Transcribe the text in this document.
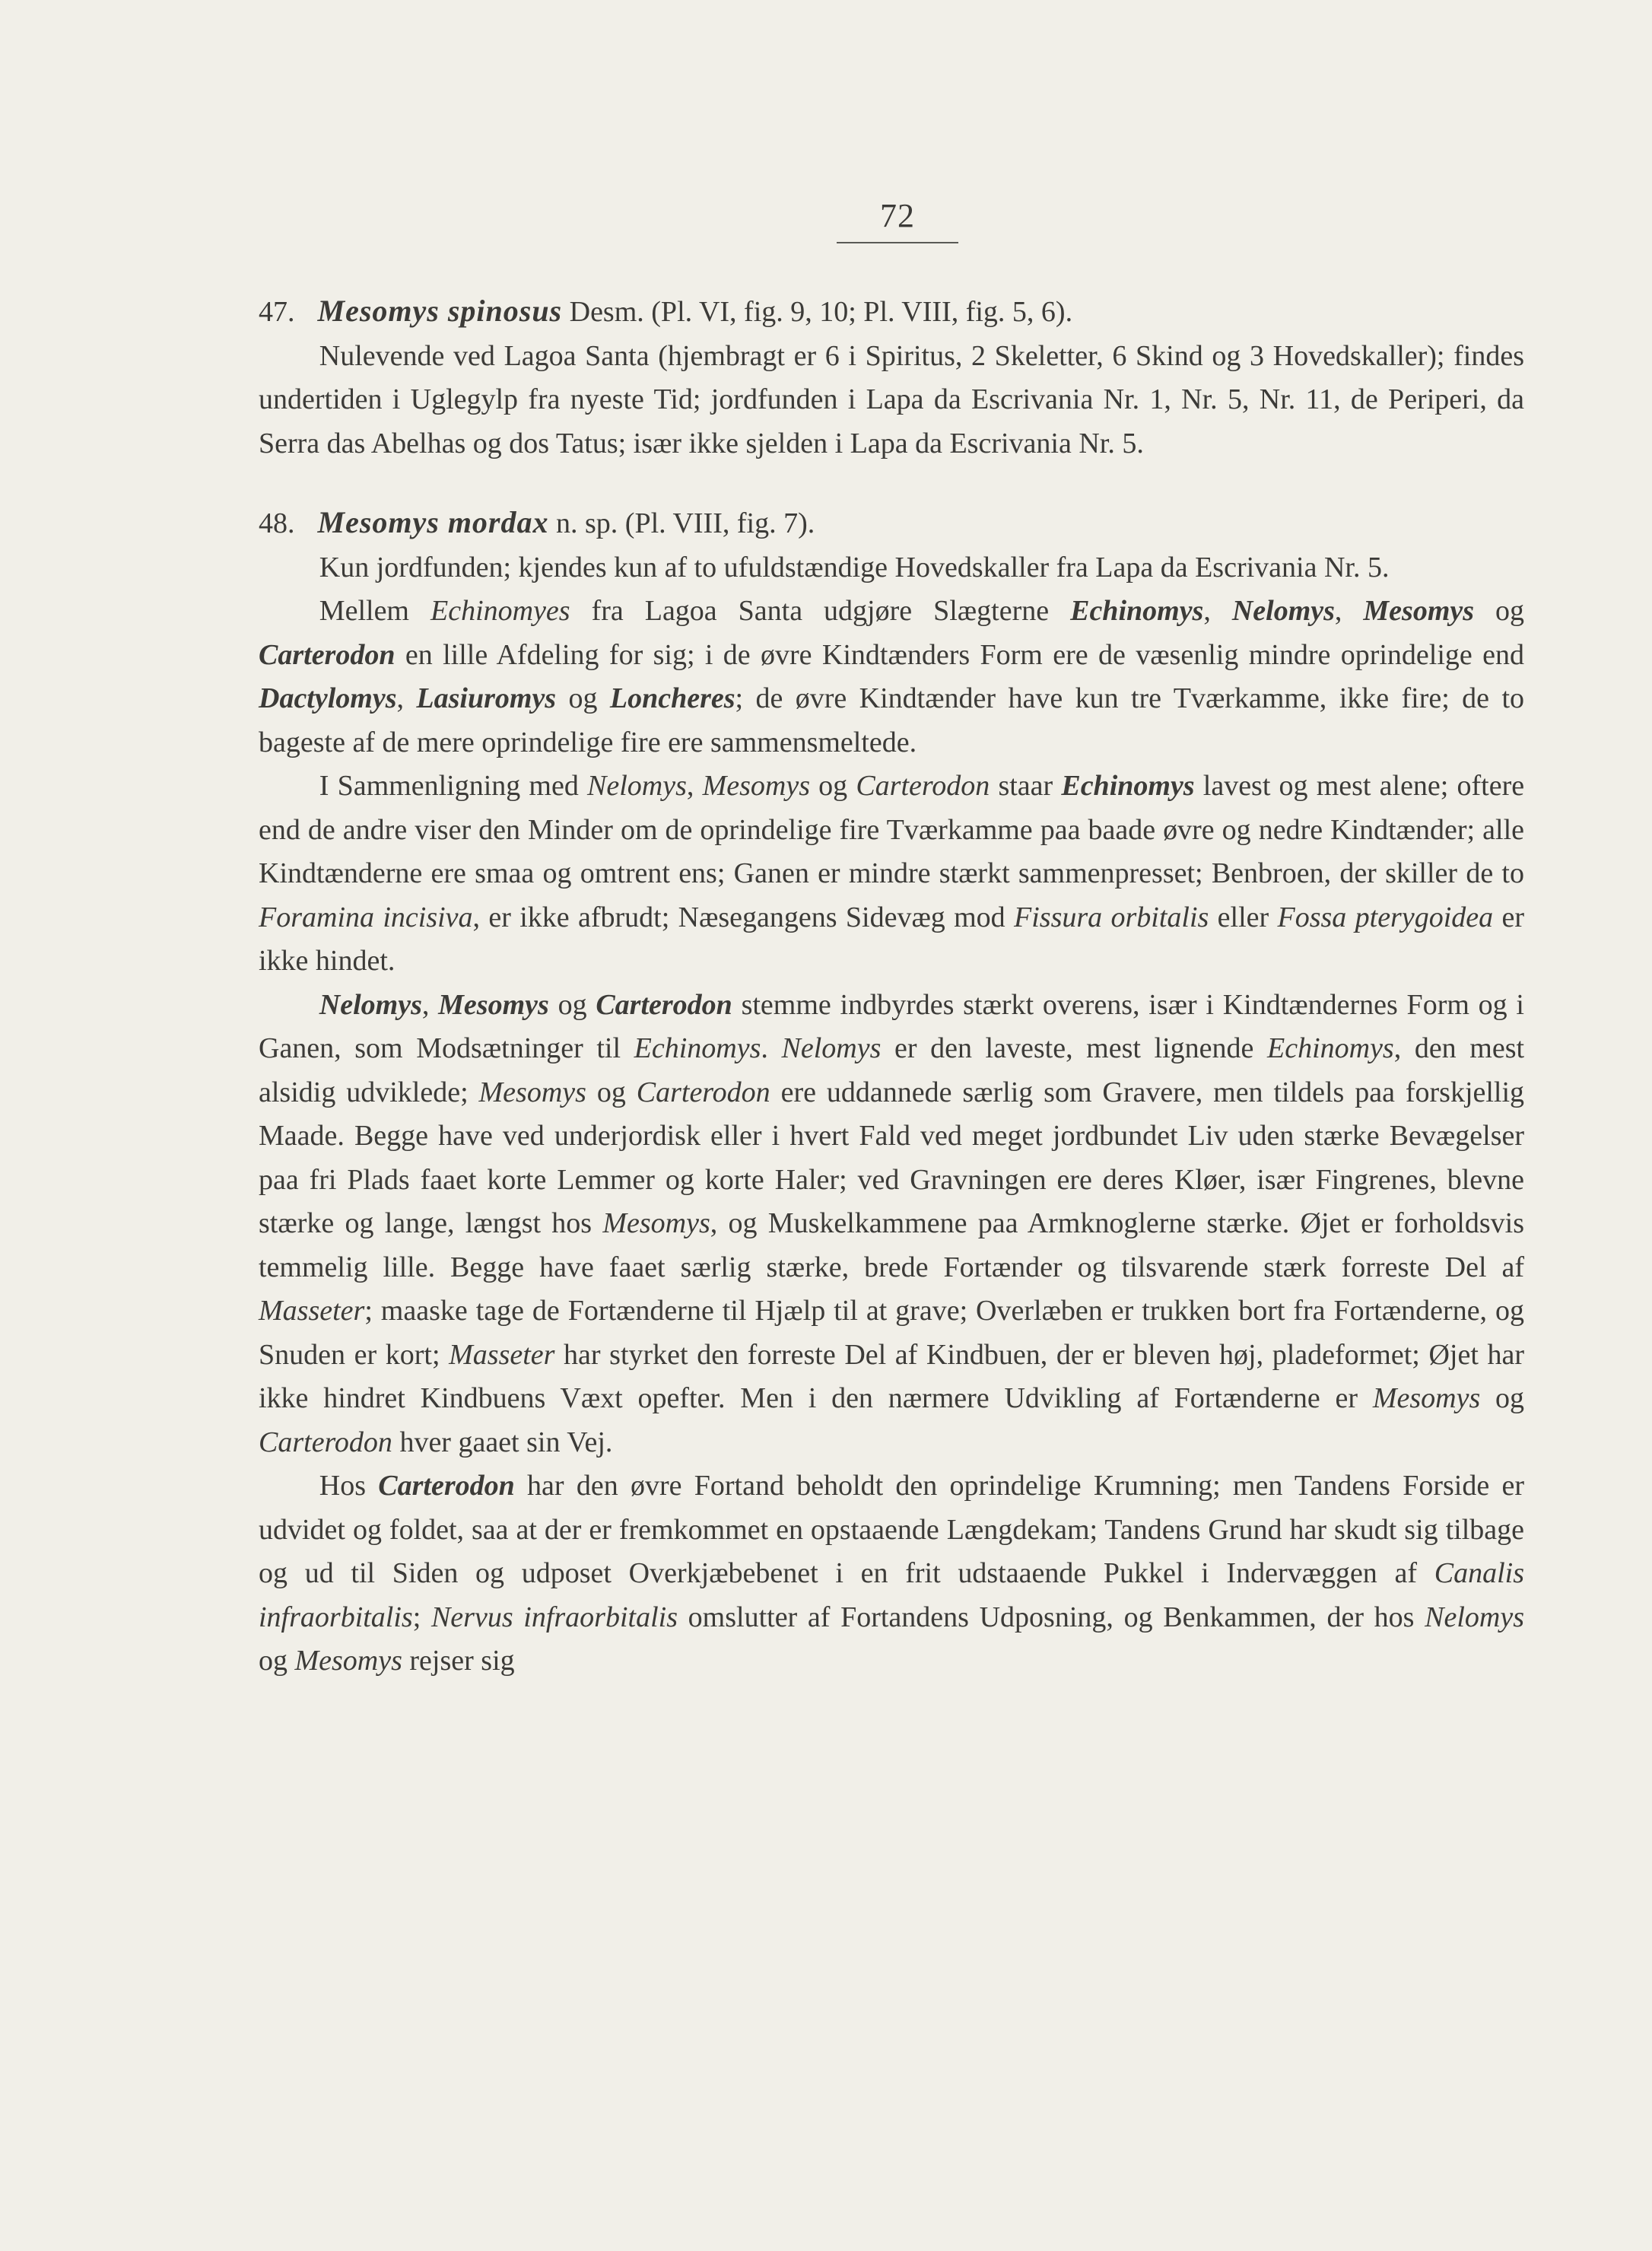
72

47. Mesomys spinosus Desm. (Pl. VI, fig. 9, 10; Pl. VIII, fig. 5, 6).

Nulevende ved Lagoa Santa (hjembragt er 6 i Spiritus, 2 Skeletter, 6 Skind og 3 Hovedskaller); findes undertiden i Uglegylp fra nyeste Tid; jordfunden i Lapa da Escrivania Nr. 1, Nr. 5, Nr. 11, de Periperi, da Serra das Abelhas og dos Tatus; især ikke sjelden i Lapa da Escrivania Nr. 5.

48. Mesomys mordax n. sp. (Pl. VIII, fig. 7).

Kun jordfunden; kjendes kun af to ufuldstændige Hovedskaller fra Lapa da Escrivania Nr. 5.

Mellem Echinomyes fra Lagoa Santa udgjøre Slægterne Echinomys, Nelomys, Mesomys og Carterodon en lille Afdeling for sig; i de øvre Kindtænders Form ere de væsenlig mindre oprindelige end Dactylomys, Lasiuromys og Loncheres; de øvre Kindtænder have kun tre Tværkamme, ikke fire; de to bageste af de mere oprindelige fire ere sammensmeltede.

I Sammenligning med Nelomys, Mesomys og Carterodon staar Echinomys lavest og mest alene; oftere end de andre viser den Minder om de oprindelige fire Tværkamme paa baade øvre og nedre Kindtænder; alle Kindtænderne ere smaa og omtrent ens; Ganen er mindre stærkt sammenpresset; Benbroen, der skiller de to Foramina incisiva, er ikke afbrudt; Næsegangens Sidevæg mod Fissura orbitalis eller Fossa pterygoidea er ikke hindet.

Nelomys, Mesomys og Carterodon stemme indbyrdes stærkt overens, især i Kindtændernes Form og i Ganen, som Modsætninger til Echinomys. Nelomys er den laveste, mest lignende Echinomys, den mest alsidig udviklede; Mesomys og Carterodon ere uddannede særlig som Gravere, men tildels paa forskjellig Maade. Begge have ved underjordisk eller i hvert Fald ved meget jordbundet Liv uden stærke Bevægelser paa fri Plads faaet korte Lemmer og korte Haler; ved Gravningen ere deres Kløer, især Fingrenes, blevne stærke og lange, længst hos Mesomys, og Muskelkammene paa Armknoglerne stærke. Øjet er forholdsvis temmelig lille. Begge have faaet særlig stærke, brede Fortænder og tilsvarende stærk forreste Del af Masseter; maaske tage de Fortænderne til Hjælp til at grave; Overlæben er trukken bort fra Fortænderne, og Snuden er kort; Masseter har styrket den forreste Del af Kindbuen, der er bleven høj, pladeformet; Øjet har ikke hindret Kindbuens Væxt opefter. Men i den nærmere Udvikling af Fortænderne er Mesomys og Carterodon hver gaaet sin Vej.

Hos Carterodon har den øvre Fortand beholdt den oprindelige Krumning; men Tandens Forside er udvidet og foldet, saa at der er fremkommet en opstaaende Længdekam; Tandens Grund har skudt sig tilbage og ud til Siden og udposet Overkjæbebenet i en frit udstaaende Pukkel i Indervæggen af Canalis infraorbitalis; Nervus infraorbitalis omslutter af Fortandens Udposning, og Benkammen, der hos Nelomys og Mesomys rejser sig
